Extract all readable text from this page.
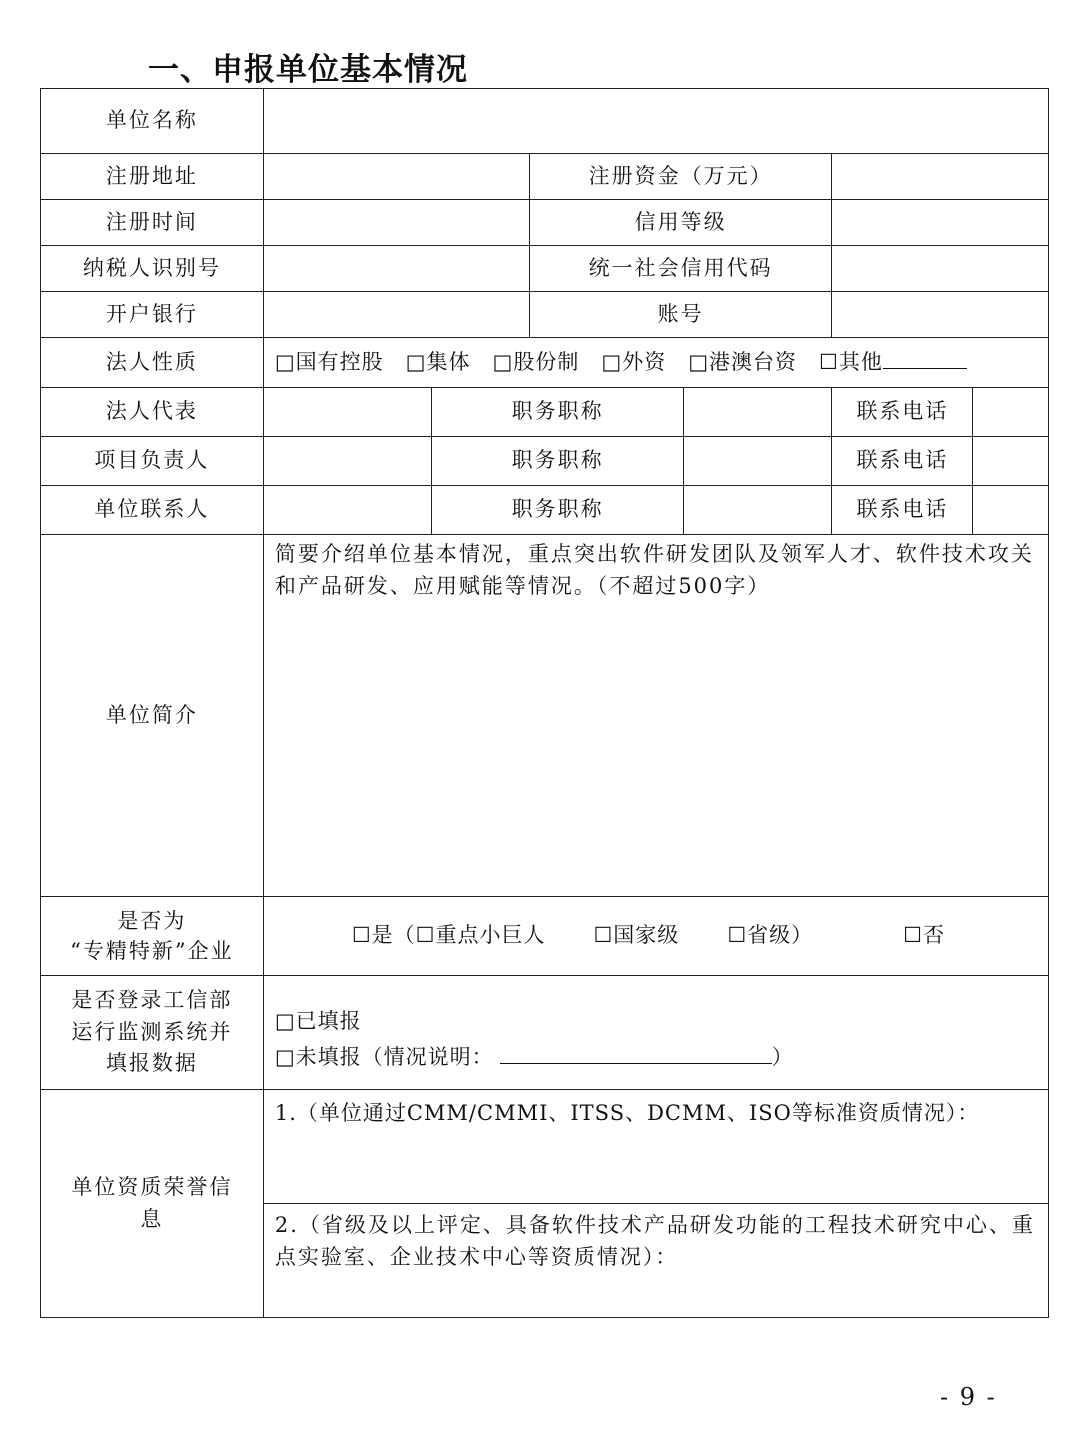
一、申报单位基本情况
单位名称					
注册地址			注册资金（万元）		
注册时间			信用等级		
纳税人识别号			统一社会信用代码		
开户银行			账号		
法人性质	□国有控股 □集体 □股份制 □外资 □港澳台资 ☐其他				
法人代表		职务职称			联系电话

项目负责人		职务职称			联系电话

单位联系人		职务职称			联系电话

单位简介	简要介绍单位基本情况，重点突出软件研发团队及领军人才、软件技术攻关和产品研发、应用赋能等情况。（不超过500字）				

是否为
“专精特新”企业	☐是（☐重点小巨人 ☐国家级 ☐省级） ☐否				

是否登录工信部运行监测系统并填报数据	□已填报
□未填报（情况说明： ）				

单位资质荣誉信息	1.（单位通过CMM/CMMI、ITSS、DCMM、ISO等标准资质情况）：				

	2.（省级及以上评定、具备软件技术产品研发功能的工程技术研究中心、重点实验室、企业技术中心等资质情况）：				
- 9 -
